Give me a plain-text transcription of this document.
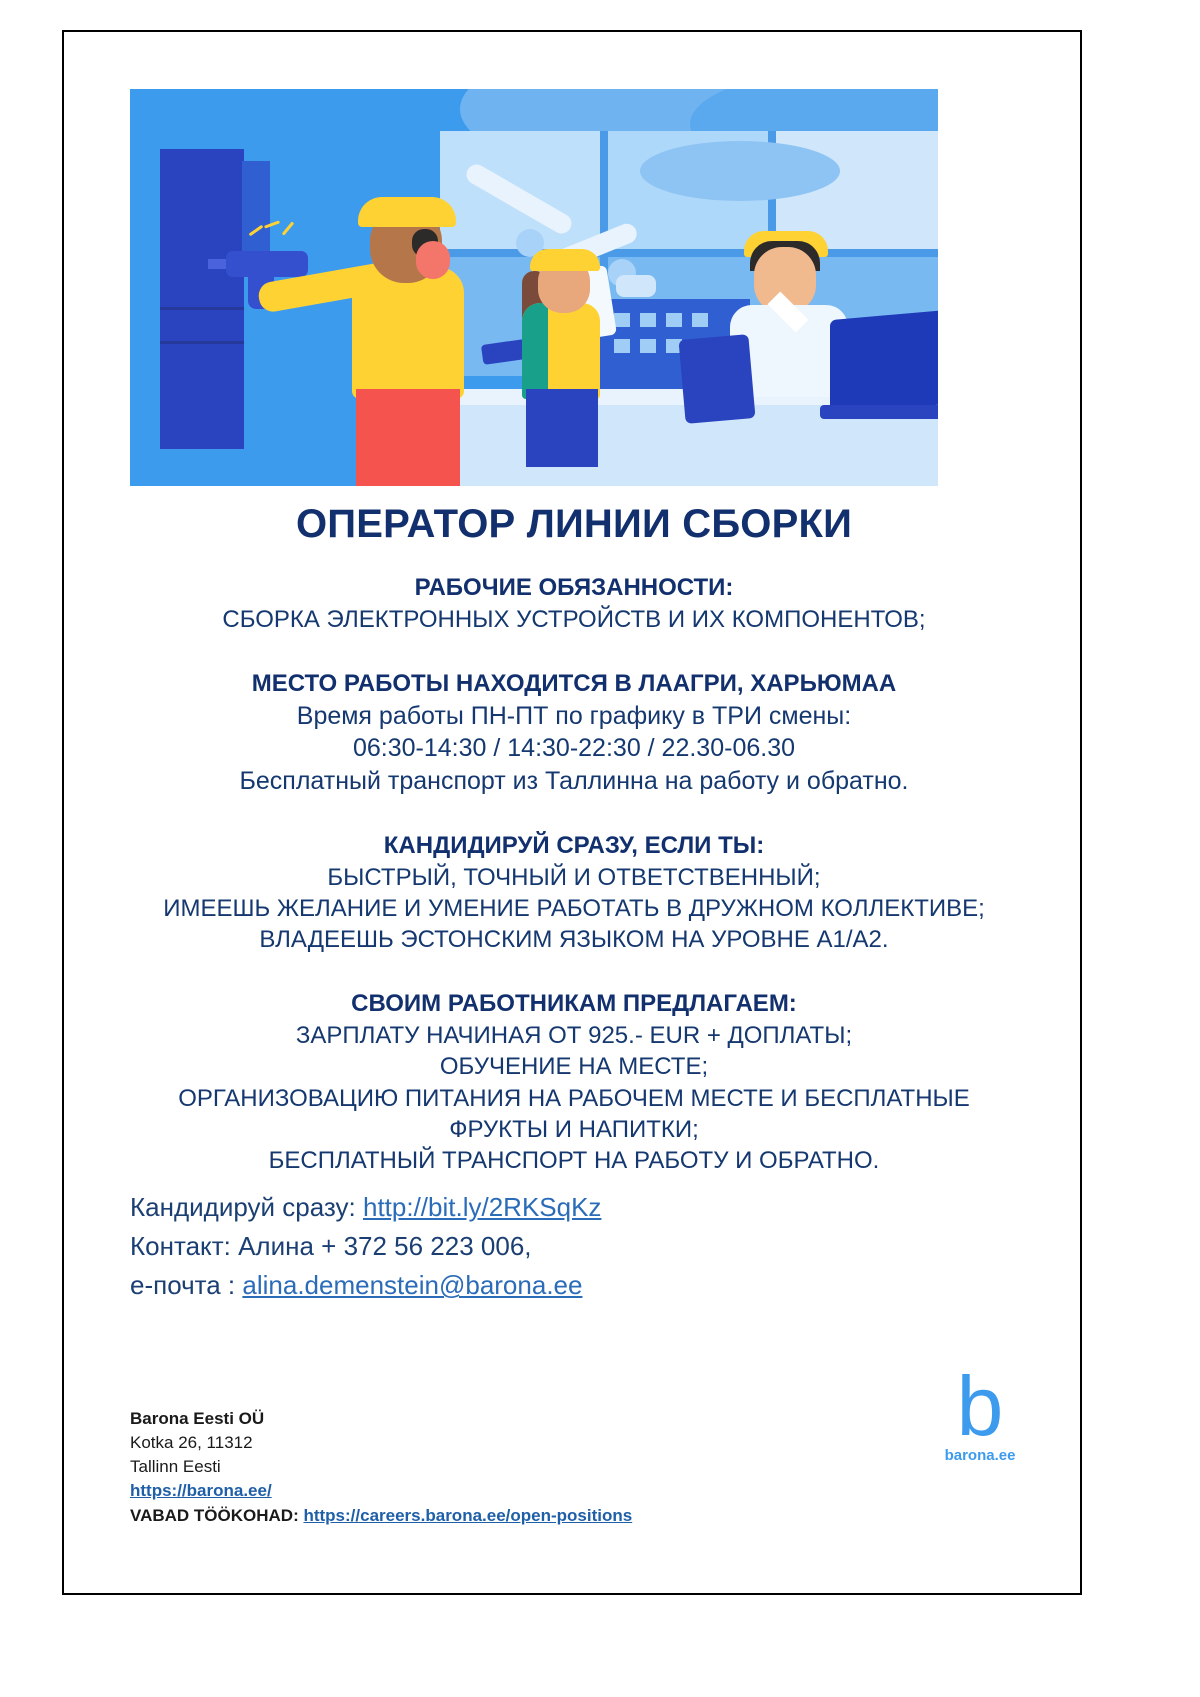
ОПЕРАТОР ЛИНИИ СБОРКИ

РАБОЧИЕ ОБЯЗАННОСТИ:

СБОРКА ЭЛЕКТРОННЫХ УСТРОЙСТВ И ИХ КОМПОНЕНТОВ;

МЕСТО РАБОТЫ НАХОДИТСЯ В ЛААГРИ, ХАРЬЮМАА

Время работы ПН-ПТ по графику в ТРИ смены:

06:30-14:30 / 14:30-22:30 / 22.30-06.30

Бесплатный транспорт из Таллинна на работу и обратно.

КАНДИДИРУЙ СРАЗУ, ЕСЛИ ТЫ:

БЫСТРЫЙ, ТОЧНЫЙ И ОТВЕТСТВЕННЫЙ;

ИМЕЕШЬ ЖЕЛАНИЕ И УМЕНИЕ РАБОТАТЬ В ДРУЖНОМ КОЛЛЕКТИВЕ;

ВЛАДЕЕШЬ ЭСТОНСКИМ ЯЗЫКОМ НА УРОВНЕ А1/А2.

СВОИМ РАБОТНИКАМ ПРЕДЛАГАЕМ:

ЗАРПЛАТУ НАЧИНАЯ ОТ 925.- EUR + ДОПЛАТЫ;

ОБУЧЕНИЕ НА МЕСТЕ;

ОРГАНИЗОВАЦИЮ ПИТАНИЯ НА РАБОЧЕМ МЕСТЕ И БЕСПЛАТНЫЕ

ФРУКТЫ И НАПИТКИ;

БЕСПЛАТНЫЙ ТРАНСПОРТ НА РАБОТУ И ОБРАТНО.

Кандидируй сразу: http://bit.ly/2RKSqKz

Контакт: Алина + 372 56 223 006,

е-почта : alina.demenstein@barona.ee

Barona Eesti OÜ
Kotka 26, 11312
Tallinn Eesti
https://barona.ee/
VABAD TÖÖKOHAD: https://careers.barona.ee/open-positions
b
barona.ee
